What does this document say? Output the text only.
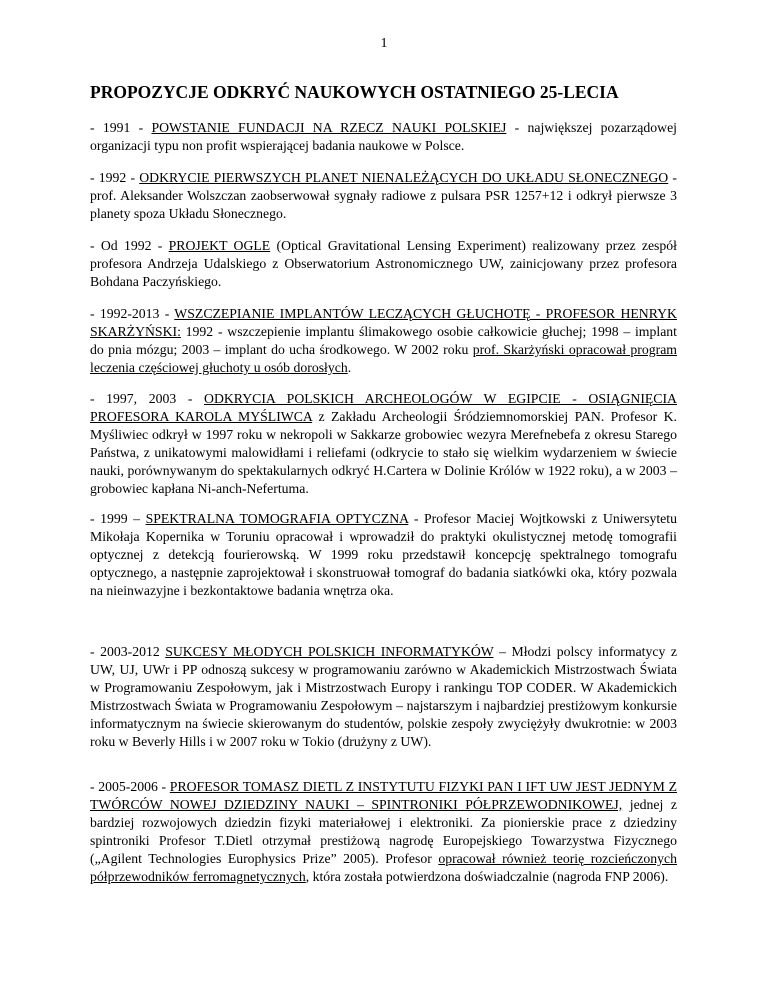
1
PROPOZYCJE ODKRYĆ NAUKOWYCH OSTATNIEGO 25-LECIA

- 1991 - POWSTANIE FUNDACJI NA RZECZ NAUKI POLSKIEJ - największej pozarządowej organizacji typu non profit wspierającej badania naukowe w Polsce.

- 1992 - ODKRYCIE PIERWSZYCH PLANET NIENALEŻĄCYCH DO UKŁADU SŁONECZNEGO - prof. Aleksander Wolszczan zaobserwował sygnały radiowe z pulsara PSR 1257+12 i odkrył pierwsze 3 planety spoza Układu Słonecznego.

- Od 1992 - PROJEKT OGLE (Optical Gravitational Lensing Experiment) realizowany przez zespół profesora Andrzeja Udalskiego z Obserwatorium Astronomicznego UW, zainicjowany przez profesora Bohdana Paczyńskiego.

- 1992-2013 - WSZCZEPIANIE IMPLANTÓW LECZĄCYCH GŁUCHOTĘ - PROFESOR HENRYK SKARŻYŃSKI: 1992 - wszczepienie implantu ślimakowego osobie całkowicie głuchej; 1998 – implant do pnia mózgu; 2003 – implant do ucha środkowego. W 2002 roku prof. Skarżyński opracował program leczenia częściowej głuchoty u osób dorosłych.

- 1997, 2003 - ODKRYCIA POLSKICH ARCHEOLOGÓW W EGIPCIE - OSIĄGNIĘCIA PROFESORA KAROLA MYŚLIWCA z Zakładu Archeologii Śródziemnomorskiej PAN. Profesor K. Myśliwiec odkrył w 1997 roku w nekropoli w Sakkarze grobowiec wezyra Merefnebefa z okresu Starego Państwa, z unikatowymi malowidłami i reliefami (odkrycie to stało się wielkim wydarzeniem w świecie nauki, porównywanym do spektakularnych odkryć H.Cartera w Dolinie Królów w 1922 roku), a w 2003 – grobowiec kapłana Ni-anch-Nefertuma.

- 1999 – SPEKTRALNA TOMOGRAFIA OPTYCZNA - Profesor Maciej Wojtkowski z Uniwersytetu Mikołaja Kopernika w Toruniu opracował i wprowadził do praktyki okulistycznej metodę tomografii optycznej z detekcją fourierowską. W 1999 roku przedstawił koncepcję spektralnego tomografu optycznego, a następnie zaprojektował i skonstruował tomograf do badania siatkówki oka, który pozwala na nieinwazyjne i bezkontaktowe badania wnętrza oka.

- 2003-2012 SUKCESY MŁODYCH POLSKICH INFORMATYKÓW – Młodzi polscy informatycy z UW, UJ, UWr i PP odnoszą sukcesy w programowaniu zarówno w Akademickich Mistrzostwach Świata w Programowaniu Zespołowym, jak i Mistrzostwach Europy i rankingu TOP CODER. W Akademickich Mistrzostwach Świata w Programowaniu Zespołowym – najstarszym i najbardziej prestiżowym konkursie informatycznym na świecie skierowanym do studentów, polskie zespoły zwyciężyły dwukrotnie: w 2003 roku w Beverly Hills i w 2007 roku w Tokio (drużyny z UW).

- 2005-2006 - PROFESOR TOMASZ DIETL Z INSTYTUTU FIZYKI PAN I IFT UW JEST JEDNYM Z TWÓRCÓW NOWEJ DZIEDZINY NAUKI – SPINTRONIKI PÓŁPRZEWODNIKOWEJ, jednej z bardziej rozwojowych dziedzin fizyki materiałowej i elektroniki. Za pionierskie prace z dziedziny spintroniki Profesor T.Dietl otrzymał prestiżową nagrodę Europejskiego Towarzystwa Fizycznego („Agilent Technologies Europhysics Prize” 2005). Profesor opracował również teorię rozcieńczonych półprzewodników ferromagnetycznych, która została potwierdzona doświadczalnie (nagroda FNP 2006).
